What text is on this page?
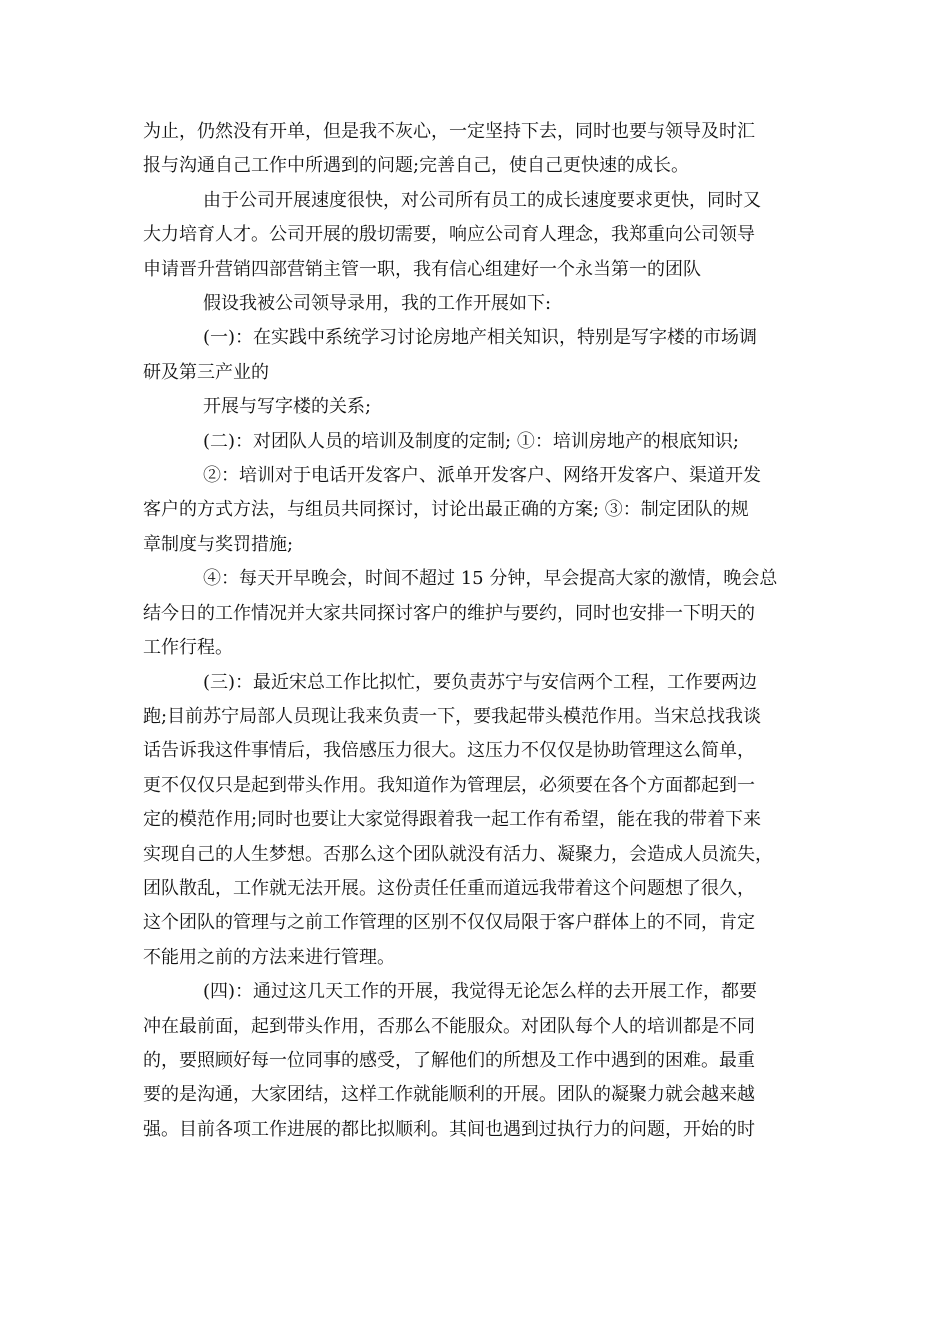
为止，仍然没有开单，但是我不灰心，一定坚持下去，同时也要与领导及时汇

报与沟通自己工作中所遇到的问题;完善自己，使自己更快速的成长。

由于公司开展速度很快，对公司所有员工的成长速度要求更快，同时又

大力培育人才。公司开展的殷切需要，响应公司育人理念，我郑重向公司领导

申请晋升营销四部营销主管一职，我有信心组建好一个永当第一的团队

假设我被公司领导录用，我的工作开展如下:

(一)：在实践中系统学习讨论房地产相关知识，特别是写字楼的市场调

研及第三产业的

开展与写字楼的关系;

(二)：对团队人员的培训及制度的定制; ①：培训房地产的根底知识;

②：培训对于电话开发客户、派单开发客户、网络开发客户、渠道开发

客户的方式方法，与组员共同探讨，讨论出最正确的方案; ③：制定团队的规

章制度与奖罚措施;

④：每天开早晚会，时间不超过 15 分钟，早会提高大家的激情，晚会总

结今日的工作情况并大家共同探讨客户的维护与要约，同时也安排一下明天的

工作行程。

(三)：最近宋总工作比拟忙，要负责苏宁与安信两个工程，工作要两边

跑;目前苏宁局部人员现让我来负责一下，要我起带头模范作用。当宋总找我谈

话告诉我这件事情后，我倍感压力很大。这压力不仅仅是协助管理这么简单，

更不仅仅只是起到带头作用。我知道作为管理层，必须要在各个方面都起到一

定的模范作用;同时也要让大家觉得跟着我一起工作有希望，能在我的带着下来

实现自己的人生梦想。否那么这个团队就没有活力、凝聚力，会造成人员流失，

团队散乱，工作就无法开展。这份责任任重而道远我带着这个问题想了很久，

这个团队的管理与之前工作管理的区别不仅仅局限于客户群体上的不同，肯定

不能用之前的方法来进行管理。

(四)：通过这几天工作的开展，我觉得无论怎么样的去开展工作，都要

冲在最前面，起到带头作用，否那么不能服众。对团队每个人的培训都是不同

的，要照顾好每一位同事的感受，了解他们的所想及工作中遇到的困难。最重

要的是沟通，大家团结，这样工作就能顺利的开展。团队的凝聚力就会越来越

强。目前各项工作进展的都比拟顺利。其间也遇到过执行力的问题，开始的时
